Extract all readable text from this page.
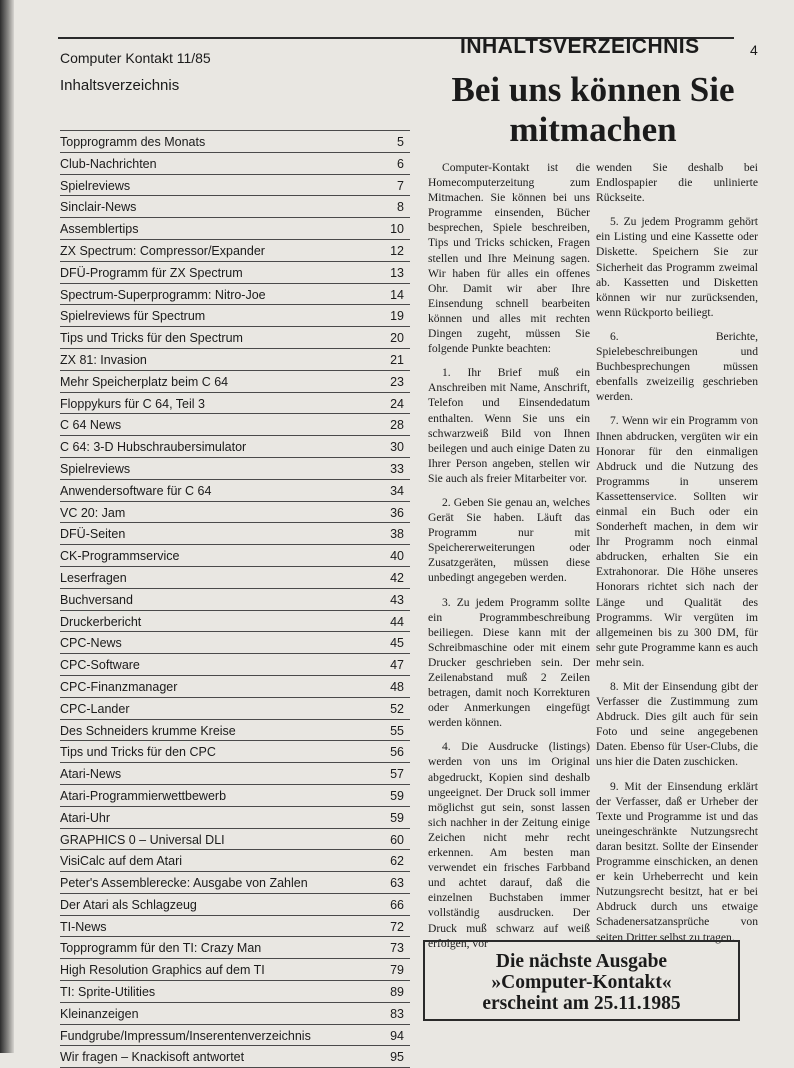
Computer Kontakt 11/85	INHALTSVERZEICHNIS	4
Inhaltsverzeichnis
Topprogramm des Monats	5
Club-Nachrichten	6
Spielreviews	7
Sinclair-News	8
Assemblertips	10
ZX Spectrum: Compressor/Expander	12
DFÜ-Programm für ZX Spectrum	13
Spectrum-Superprogramm: Nitro-Joe	14
Spielreviews für Spectrum	19
Tips und Tricks für den Spectrum	20
ZX 81: Invasion	21
Mehr Speicherplatz beim C 64	23
Floppykurs für C 64, Teil 3	24
C 64 News	28
C 64: 3-D Hubschraubersimulator	30
Spielreviews	33
Anwendersoftware für C 64	34
VC 20: Jam	36
DFÜ-Seiten	38
CK-Programmservice	40
Leserfragen	42
Buchversand	43
Druckerbericht	44
CPC-News	45
CPC-Software	47
CPC-Finanzmanager	48
CPC-Lander	52
Des Schneiders krumme Kreise	55
Tips und Tricks für den CPC	56
Atari-News	57
Atari-Programmierwettbewerb	59
Atari-Uhr	59
GRAPHICS 0 – Universal DLI	60
VisiCalc auf dem Atari	62
Peter's Assemblerecke: Ausgabe von Zahlen	63
Der Atari als Schlagzeug	66
TI-News	72
Topprogramm für den TI: Crazy Man	73
High Resolution Graphics auf dem TI	79
TI: Sprite-Utilities	89
Kleinanzeigen	83
Fundgrube/Impressum/Inserentenverzeichnis	94
Wir fragen – Knackisoft antwortet	95
Bei uns können Sie
mitmachen

Computer-Kontakt ist die Homecomputerzeitung zum Mitmachen. Sie können bei uns Programme einsenden, Bücher besprechen, Spiele beschreiben, Tips und Tricks schicken, Fragen stellen und Ihre Meinung sagen. Wir haben für alles ein offenes Ohr. Damit wir aber Ihre Einsendung schnell bearbeiten können und alles mit rechten Dingen zugeht, müssen Sie folgende Punkte beachten:

1. Ihr Brief muß ein Anschreiben mit Name, Anschrift, Telefon und Einsendedatum enthalten. Wenn Sie uns ein schwarzweiß Bild von Ihnen beilegen und auch einige Daten zu Ihrer Person angeben, stellen wir Sie auch als freier Mitarbeiter vor.

2. Geben Sie genau an, welches Gerät Sie haben. Läuft das Programm nur mit Speichererweiterungen oder Zusatzgeräten, müssen diese unbedingt angegeben werden.

3. Zu jedem Programm sollte ein Programmbeschreibung beiliegen. Diese kann mit der Schreibmaschine oder mit einem Drucker geschrieben sein. Der Zeilenabstand muß 2 Zeilen betragen, damit noch Korrekturen oder Anmerkungen eingefügt werden können.

4. Die Ausdrucke (listings) werden von uns im Original abgedruckt, Kopien sind deshalb ungeeignet. Der Druck soll immer möglichst gut sein, sonst lassen sich nachher in der Zeitung einige Zeichen nicht mehr recht erkennen. Am besten man verwendet ein frisches Farbband und achtet darauf, daß die einzelnen Buchstaben immer vollständig ausdrucken. Der Druck muß schwarz auf weiß erfolgen, vor

wenden Sie deshalb bei Endlospapier die unlinierte Rückseite.

5. Zu jedem Programm gehört ein Listing und eine Kassette oder Diskette. Speichern Sie zur Sicherheit das Programm zweimal ab. Kassetten und Disketten können wir nur zurücksenden, wenn Rückporto beiliegt.

6. Berichte, Spielebeschreibungen und Buchbesprechungen müssen ebenfalls zweizeilig geschrieben werden.

7. Wenn wir ein Programm von Ihnen abdrucken, vergüten wir ein Honorar für den einmaligen Abdruck und die Nutzung des Programms in unserem Kassettenservice. Sollten wir einmal ein Buch oder ein Sonderheft machen, in dem wir Ihr Programm noch einmal abdrucken, erhalten Sie ein Extrahonorar. Die Höhe unseres Honorars richtet sich nach der Länge und Qualität des Programms. Wir vergüten im allgemeinen bis zu 300 DM, für sehr gute Programme kann es auch mehr sein.

8. Mit der Einsendung gibt der Verfasser die Zustimmung zum Abdruck. Dies gilt auch für sein Foto und seine angegebenen Daten. Ebenso für User-Clubs, die uns hier die Daten zuschicken.

9. Mit der Einsendung erklärt der Verfasser, daß er Urheber der Texte und Programme ist und das uneingeschränkte Nutzungsrecht daran besitzt. Sollte der Einsender Programme einschicken, an denen er kein Urheberrecht und kein Nutzungsrecht besitzt, hat er bei Abdruck durch uns etwaige Schadenersatzansprüche von seiten Dritter selbst zu tragen.

Die nächste Ausgabe
»Computer-Kontakt«
erscheint am 25.11.1985
